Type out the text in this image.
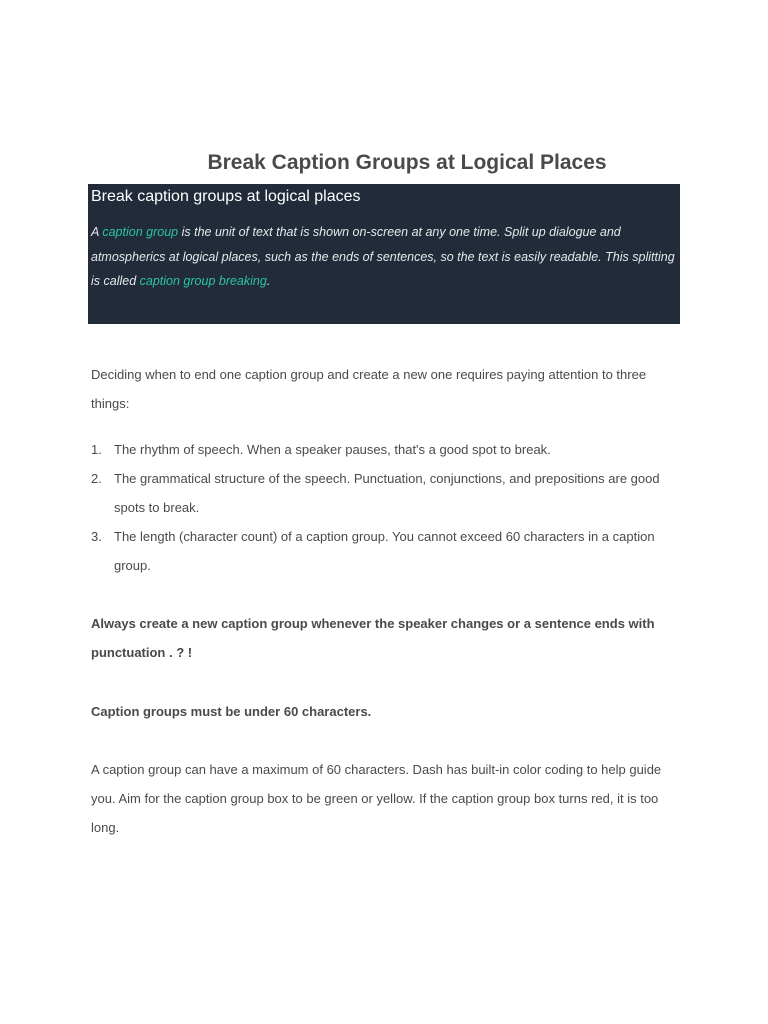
Break Caption Groups at Logical Places
Break caption groups at logical places

A caption group is the unit of text that is shown on-screen at any one time. Split up dialogue and atmospherics at logical places, such as the ends of sentences, so the text is easily readable. This splitting is called caption group breaking.

Deciding when to end one caption group and create a new one requires paying attention to three things:

1. The rhythm of speech. When a speaker pauses, that's a good spot to break.
2. The grammatical structure of the speech. Punctuation, conjunctions, and prepositions are good spots to break.
3. The length (character count) of a caption group. You cannot exceed 60 characters in a caption group.

Always create a new caption group whenever the speaker changes or a sentence ends with punctuation . ? !

Caption groups must be under 60 characters.

A caption group can have a maximum of 60 characters. Dash has built-in color coding to help guide you. Aim for the caption group box to be green or yellow. If the caption group box turns red, it is too long.
